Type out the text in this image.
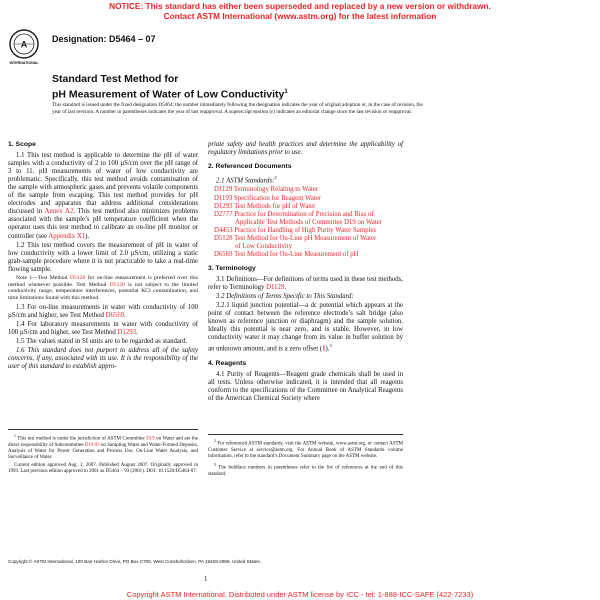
NOTICE: This standard has either been superseded and replaced by a new version or withdrawn.
Contact ASTM International (www.astm.org) for the latest information
A
INTERNATIONAL
Designation: D5464 – 07
Standard Test Method for
pH Measurement of Water of Low Conductivity$^1$
This standard is issued under the fixed designation D5464; the number immediately following the designation indicates the year of original adoption or, in the case of revision, the year of last revision. A number in parentheses indicates the year of last reapproval. A superscript epsilon (ε) indicates an editorial change since the last revision or reapproval.
1. Scope

1.1 This test method is applicable to determine the pH of water samples with a conductivity of 2 to 100 µS/cm over the pH range of 3 to 11. pH measurements of water of low conductivity are problematic. Specifically, this test method avoids contamination of the sample with atmospheric gases and prevents volatile components of the sample from escaping. This test method provides for pH electrodes and apparatus that address additional considerations discussed in Annex A2. This test method also minimizes problems associated with the sample’s pH temperature coefficient when the operator uses this test method to calibrate an on-line pH monitor or controller (see Appendix X1).

1.2 This test method covers the measurement of pH in water of low conductivity with a lower limit of 2.0 µS/cm, utilizing a static grab-sample procedure where it is not practicable to take a real-time flowing sample.

Note 1—Test Method D5128 for on-line measurement is preferred over this method whenever possible. Test Method D5128 is not subject to the limited conductivity range, temperature interferences, potential KCl contamination, and time limitations found with this method.

1.3 For on-line measurements in water with conductivity of 100 µS/cm and higher, see Test Method D6569.

1.4 For laboratory measurements in water with conductivity of 100 µS/cm and higher, see Test Method D1293.

1.5 The values stated in SI units are to be regarded as standard.

1.6 This standard does not purport to address all of the safety concerns, if any, associated with its use. It is the responsibility of the user of this standard to establish appro-

priate safety and health practices and determine the applicability of regulatory limitations prior to use.

2. Referenced Documents

2.1 ASTM Standards:$^2$

D1129 Terminology Relating to Water
D1193 Specification for Reagent Water
D1293 Test Methods for pH of Water
D2777 Practice for Determination of Precision and Bias of
Applicable Test Methods of Committee D19 on Water
D4453 Practice for Handling of High Purity Water Samples
D5128 Test Method for On-Line pH Measurement of Water
of Low Conductivity
D6569 Test Method for On-Line Measurement of pH
3. Terminology

3.1 Definitions—For definitions of terms used in these test methods, refer to Terminology D1129.

3.2 Definitions of Terms Specific to This Standard:

3.2.1 liquid junction potential—a dc potential which appears at the point of contact between the reference electrode’s salt bridge (also known as reference junction or diaphragm) and the sample solution. Ideally this potential is near zero, and is stable. However, in low conductivity water it may change from its value in buffer solution by an unknown amount, and is a zero offset (1).$^3$

4. Reagents

4.1 Purity of Reagents—Reagent grade chemicals shall be used in all tests. Unless otherwise indicated, it is intended that all reagents conform to the specifications of the Committee on Analytical Reagents of the American Chemical Society where

$^1$ This test method is under the jurisdiction of ASTM Committee D19 on Water and are the direct responsibility of Subcommittee D19.03 on Sampling Water and Water-Formed Deposits, Analysis of Water for Power Generation and Process Use, On-Line Water Analysis, and Surveillance of Water.

Current edition approved Aug. 1, 2007. Published August 2007. Originally approved in 1993. Last previous edition approved in 2001 as D5464 – 93 (2001). DOI: 10.1520/D5464-07.

$^2$ For referenced ASTM standards, visit the ASTM website, www.astm.org, or contact ASTM Customer Service at service@astm.org. For Annual Book of ASTM Standards volume information, refer to the standard’s Document Summary page on the ASTM website.

$^3$ The boldface numbers in parentheses refer to the list of references at the end of this standard.

Copyright © ASTM International, 100 Barr Harbor Drive, PO Box C700, West Conshohocken, PA 19428-2959, United States.
1
Copyright ASTM International. Distributed under ASTM license by ICC - tel: 1-888-ICC-SAFE (422-7233)
